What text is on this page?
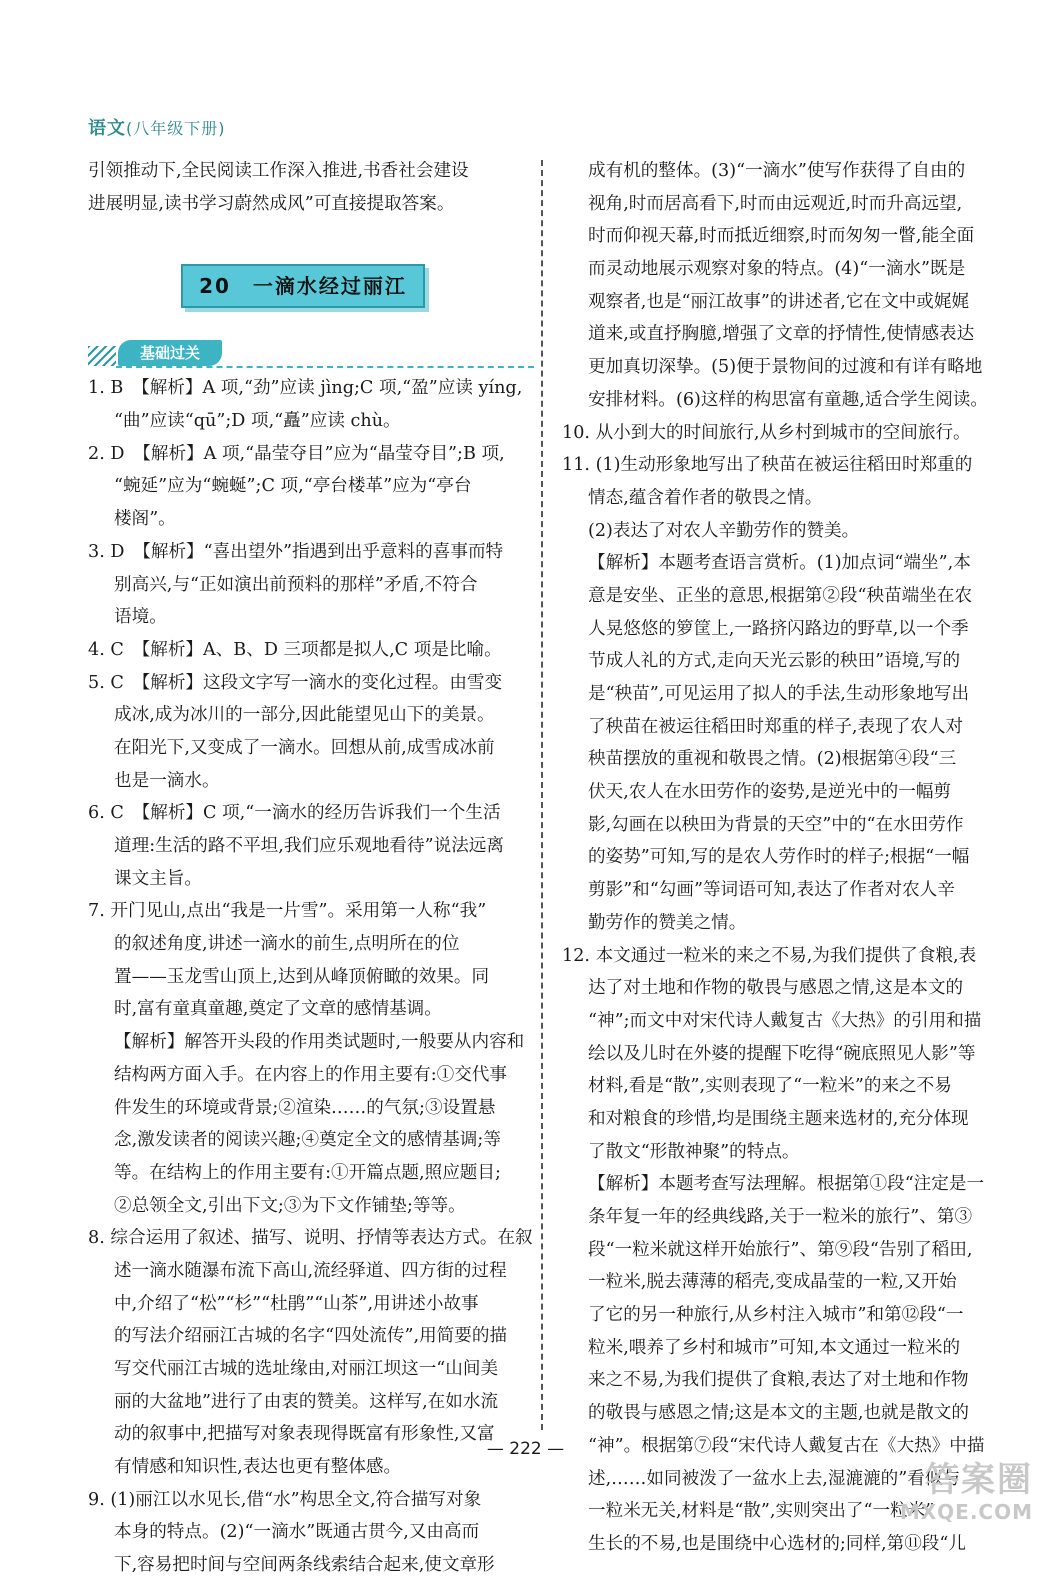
语文(八年级下册)
引领推动下,全民阅读工作深入推进,书香社会建设
进展明显,读书学习蔚然成风”可直接提取答案。
20　一滴水经过丽江
基础过关
1. B　【解析】A 项,“劲”应读 jìng;C 项,“盈”应读 yíng,
“曲”应读“qū”;D 项,“矗”应读 chù。
2. D　【解析】A 项,“晶莹夺目”应为“晶莹夺目”;B 项,
“蜿延”应为“蜿蜒”;C 项,“亭台楼革”应为“亭台
楼阁”。
3. D　【解析】“喜出望外”指遇到出乎意料的喜事而特
别高兴,与“正如演出前预料的那样”矛盾,不符合
语境。
4. C　【解析】A、B、D 三项都是拟人,C 项是比喻。
5. C　【解析】这段文字写一滴水的变化过程。由雪变
成冰,成为冰川的一部分,因此能望见山下的美景。
在阳光下,又变成了一滴水。回想从前,成雪成冰前
也是一滴水。
6. C　【解析】C 项,“一滴水的经历告诉我们一个生活
道理:生活的路不平坦,我们应乐观地看待”说法远离
课文主旨。
7. 开门见山,点出“我是一片雪”。采用第一人称“我”
的叙述角度,讲述一滴水的前生,点明所在的位
置——玉龙雪山顶上,达到从峰顶俯瞰的效果。同
时,富有童真童趣,奠定了文章的感情基调。
【解析】解答开头段的作用类试题时,一般要从内容和
结构两方面入手。在内容上的作用主要有:①交代事
件发生的环境或背景;②渲染……的气氛;③设置悬
念,激发读者的阅读兴趣;④奠定全文的感情基调;等
等。在结构上的作用主要有:①开篇点题,照应题目;
②总领全文,引出下文;③为下文作铺垫;等等。
8. 综合运用了叙述、描写、说明、抒情等表达方式。在叙
述一滴水随瀑布流下高山,流经驿道、四方街的过程
中,介绍了“松”“杉”“杜鹃”“山茶”,用讲述小故事
的写法介绍丽江古城的名字“四处流传”,用简要的描
写交代丽江古城的选址缘由,对丽江坝这一“山间美
丽的大盆地”进行了由衷的赞美。这样写,在如水流
动的叙事中,把描写对象表现得既富有形象性,又富
有情感和知识性,表达也更有整体感。
9. (1)丽江以水见长,借“水”构思全文,符合描写对象
本身的特点。(2)“一滴水”既通古贯今,又由高而
下,容易把时间与空间两条线索结合起来,使文章形
成有机的整体。(3)“一滴水”使写作获得了自由的
视角,时而居高看下,时而由远观近,时而升高远望,
时而仰视天幕,时而抵近细察,时而匆匆一瞥,能全面
而灵动地展示观察对象的特点。(4)“一滴水”既是
观察者,也是“丽江故事”的讲述者,它在文中或娓娓
道来,或直抒胸臆,增强了文章的抒情性,使情感表达
更加真切深挚。(5)便于景物间的过渡和有详有略地
安排材料。(6)这样的构思富有童趣,适合学生阅读。
10. 从小到大的时间旅行,从乡村到城市的空间旅行。
11. (1)生动形象地写出了秧苗在被运往稻田时郑重的
情态,蕴含着作者的敬畏之情。
(2)表达了对农人辛勤劳作的赞美。
【解析】本题考查语言赏析。(1)加点词“端坐”,本
意是安坐、正坐的意思,根据第②段“秧苗端坐在农
人晃悠悠的箩筐上,一路挤闪路边的野草,以一个季
节成人礼的方式,走向天光云影的秧田”语境,写的
是“秧苗”,可见运用了拟人的手法,生动形象地写出
了秧苗在被运往稻田时郑重的样子,表现了农人对
秧苗摆放的重视和敬畏之情。(2)根据第④段“三
伏天,农人在水田劳作的姿势,是逆光中的一幅剪
影,勾画在以秧田为背景的天空”中的“在水田劳作
的姿势”可知,写的是农人劳作时的样子;根据“一幅
剪影”和“勾画”等词语可知,表达了作者对农人辛
勤劳作的赞美之情。
12. 本文通过一粒米的来之不易,为我们提供了食粮,表
达了对土地和作物的敬畏与感恩之情,这是本文的
“神”;而文中对宋代诗人戴复古《大热》的引用和描
绘以及儿时在外婆的提醒下吃得“碗底照见人影”等
材料,看是“散”,实则表现了“一粒米”的来之不易
和对粮食的珍惜,均是围绕主题来选材的,充分体现
了散文“形散神聚”的特点。
【解析】本题考查写法理解。根据第①段“注定是一
条年复一年的经典线路,关于一粒米的旅行”、第③
段“一粒米就这样开始旅行”、第⑨段“告别了稻田,
一粒米,脱去薄薄的稻壳,变成晶莹的一粒,又开始
了它的另一种旅行,从乡村注入城市”和第⑫段“一
粒米,喂养了乡村和城市”可知,本文通过一粒米的
来之不易,为我们提供了食粮,表达了对土地和作物
的敬畏与感恩之情;这是本文的主题,也就是散文的
“神”。根据第⑦段“宋代诗人戴复古在《大热》中描
述,……如同被泼了一盆水上去,湿漉漉的”看似与
一粒米无关,材料是“散”,实则突出了“一粒米”
生长的不易,也是围绕中心选材的;同样,第⑪段“儿
— 222 —
答案圈
MXQE.COM
